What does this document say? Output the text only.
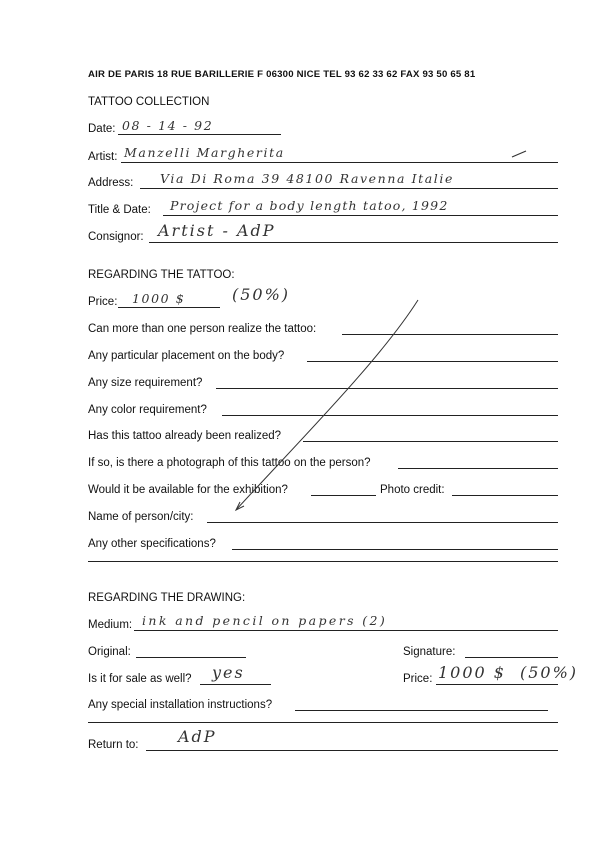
AIR DE PARIS 18 RUE BARILLERIE F 06300 NICE TEL 93 62 33 62 FAX 93 50 65 81
TATTOO COLLECTION
Date: 08 - 14 - 92
Artist: Manzelli Margherita
Address: Via Di Roma 39 48100 Ravenna Italie
Title & Date: Project for a body length tatoo, 1992
Consignor: Artist - AdP
REGARDING THE TATTOO:
Price: 1000 $	(50%)
Can more than one person realize the tattoo:
Any particular placement on the body?
Any size requirement?
Any color requirement?
Has this tattoo already been realized?
If so, is there a photograph of this tattoo on the person?
Would it be available for the exhibition?	Photo credit:
Name of person/city:
Any other specifications?
REGARDING THE DRAWING:
Medium: ink and pencil on papers (2)
Original:	Signature:
Is it for sale as well? yes	Price: 1000 $ (50%)
Any special installation instructions?
Return to: AdP
